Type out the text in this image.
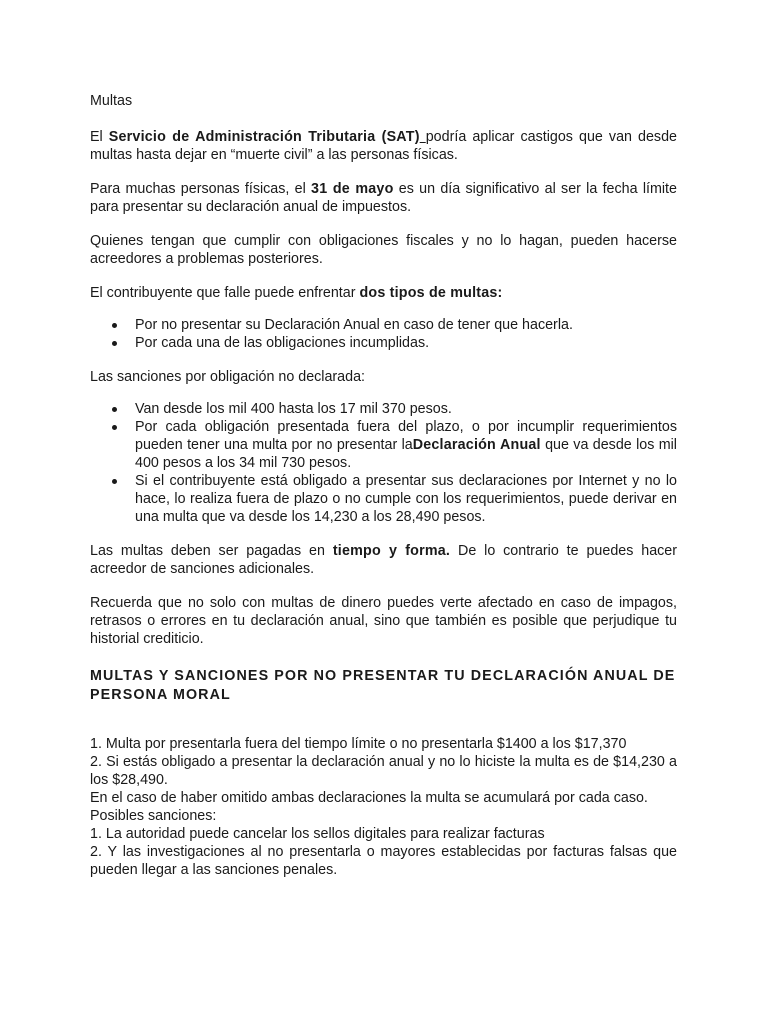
Multas

El Servicio de Administración Tributaria (SAT) podría aplicar castigos que van desde multas hasta dejar en “muerte civil” a las personas físicas.

Para muchas personas físicas, el 31 de mayo es un día significativo al ser la fecha límite para presentar su declaración anual de impuestos.

Quienes tengan que cumplir con obligaciones fiscales y no lo hagan, pueden hacerse acreedores a problemas posteriores.

El contribuyente que falle puede enfrentar dos tipos de multas:

Por no presentar su Declaración Anual en caso de tener que hacerla.
Por cada una de las obligaciones incumplidas.

Las sanciones por obligación no declarada:

Van desde los mil 400 hasta los 17 mil 370 pesos.
Por cada obligación presentada fuera del plazo, o por incumplir requerimientos pueden tener una multa por no presentar laDeclaración Anual que va desde los mil 400 pesos a los 34 mil 730 pesos.
Si el contribuyente está obligado a presentar sus declaraciones por Internet y no lo hace, lo realiza fuera de plazo o no cumple con los requerimientos, puede derivar en una multa que va desde los 14,230 a los 28,490 pesos.

Las multas deben ser pagadas en tiempo y forma. De lo contrario te puedes hacer acreedor de sanciones adicionales.

Recuerda que no solo con multas de dinero puedes verte afectado en caso de impagos, retrasos o errores en tu declaración anual, sino que también es posible que perjudique tu historial crediticio.

MULTAS Y SANCIONES POR NO PRESENTAR TU DECLARACIÓN ANUAL DE PERSONA MORAL

1. Multa por presentarla fuera del tiempo límite o no presentarla $1400 a los $17,370

2. Si estás obligado a presentar la declaración anual y no lo hiciste la multa es de $14,230 a los $28,490.

En el caso de haber omitido ambas declaraciones la multa se acumulará por cada caso.

Posibles sanciones:

1. La autoridad puede cancelar los sellos digitales para realizar facturas

2. Y las investigaciones al no presentarla o mayores establecidas por facturas falsas que pueden llegar a las sanciones penales.
